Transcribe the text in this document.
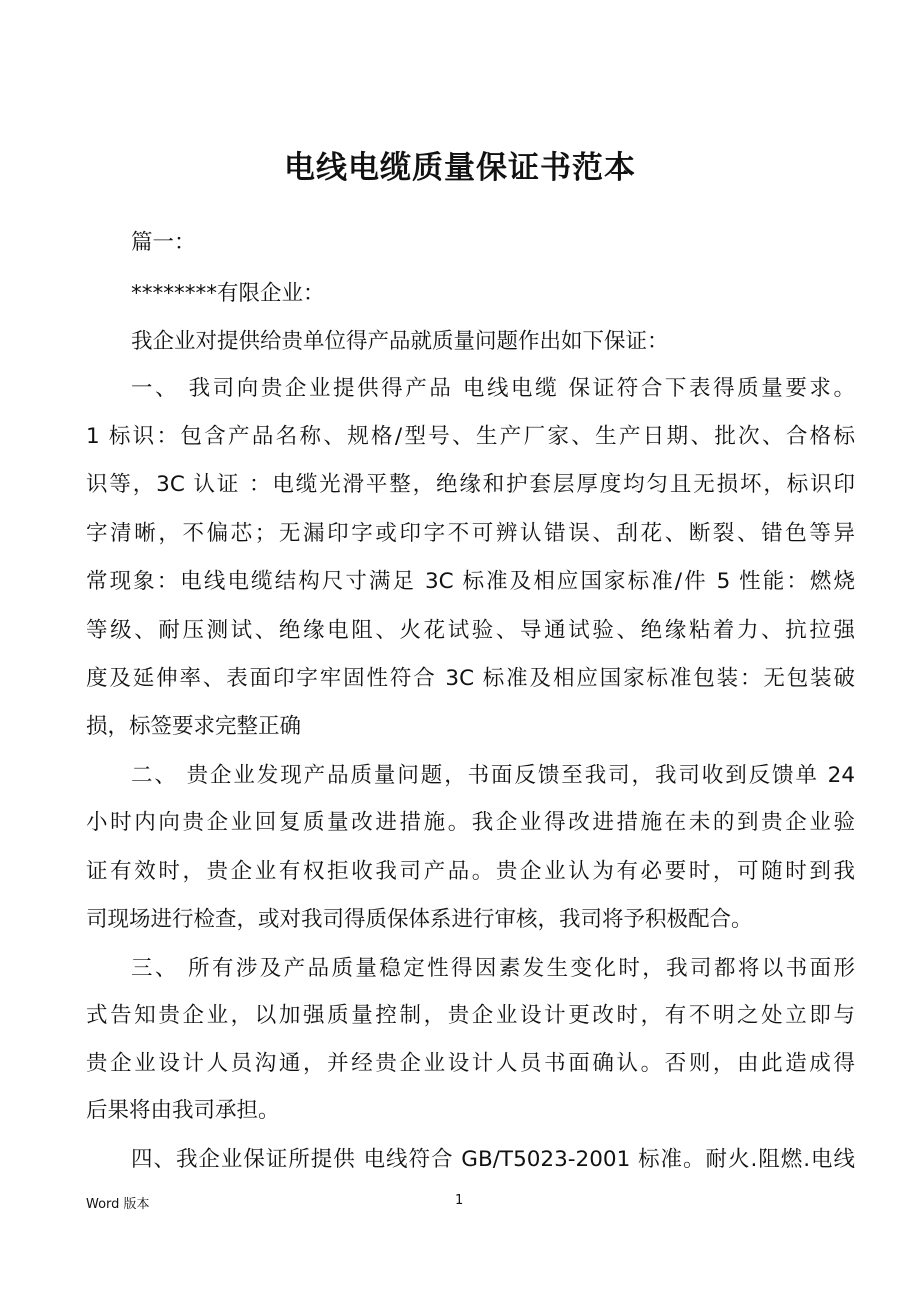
电线电缆质量保证书范本
篇一：
********有限企业：
我企业对提供给贵单位得产品就质量问题作出如下保证：
一、 我司向贵企业提供得产品 电线电缆 保证符合下表得质量要求。
1 标识：包含产品名称、规格/型号、生产厂家、生产日期、批次、合格标
识等，3C 认证 ：电缆光滑平整，绝缘和护套层厚度均匀且无损坏，标识印
字清晰，不偏芯；无漏印字或印字不可辨认错误、刮花、断裂、错色等异
常现象：电线电缆结构尺寸满足 3C 标准及相应国家标准/件 5 性能：燃烧
等级、耐压测试、绝缘电阻、火花试验、导通试验、绝缘粘着力、抗拉强
度及延伸率、表面印字牢固性符合 3C 标准及相应国家标准包装：无包装破
损，标签要求完整正确
二、 贵企业发现产品质量问题，书面反馈至我司，我司收到反馈单 24
小时内向贵企业回复质量改进措施。我企业得改进措施在未的到贵企业验
证有效时，贵企业有权拒收我司产品。贵企业认为有必要时，可随时到我
司现场进行检查，或对我司得质保体系进行审核，我司将予积极配合。
三、 所有涉及产品质量稳定性得因素发生变化时，我司都将以书面形
式告知贵企业，以加强质量控制，贵企业设计更改时，有不明之处立即与
贵企业设计人员沟通，并经贵企业设计人员书面确认。否则，由此造成得
后果将由我司承担。
四、我企业保证所提供 电线符合 GB/T5023-2001 标准。耐火.阻燃.电线
Word 版本	1
